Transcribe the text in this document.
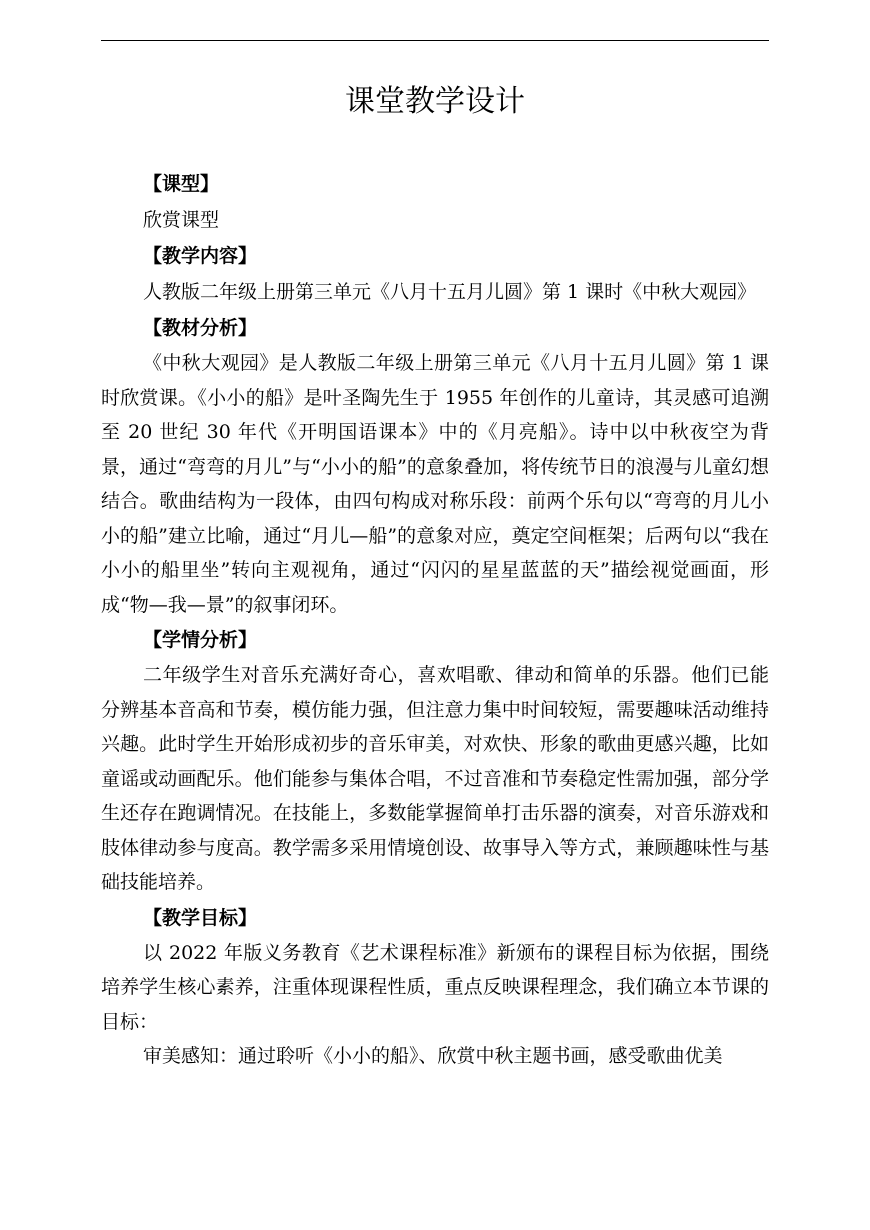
课堂教学设计
【课型】
欣赏课型
【教学内容】
人教版二年级上册第三单元《八月十五月儿圆》第 1 课时《中秋大观园》
【教材分析】
《中秋大观园》是人教版二年级上册第三单元《八月十五月儿圆》第 1 课时欣赏课。《小小的船》是叶圣陶先生于 1955 年创作的儿童诗，其灵感可追溯至 20 世纪 30 年代《开明国语课本》中的《月亮船》。诗中以中秋夜空为背景，通过“弯弯的月儿”与“小小的船”的意象叠加，将传统节日的浪漫与儿童幻想结合。歌曲结构为一段体，由四句构成对称乐段：前两个乐句以“弯弯的月儿小小的船”建立比喻，通过“月儿—船”的意象对应，奠定空间框架；后两句以“我在小小的船里坐”转向主观视角，通过“闪闪的星星蓝蓝的天”描绘视觉画面，形成“物—我—景”的叙事闭环。
【学情分析】
二年级学生对音乐充满好奇心，喜欢唱歌、律动和简单的乐器。他们已能分辨基本音高和节奏，模仿能力强，但注意力集中时间较短，需要趣味活动维持兴趣。此时学生开始形成初步的音乐审美，对欢快、形象的歌曲更感兴趣，比如童谣或动画配乐。他们能参与集体合唱，不过音准和节奏稳定性需加强，部分学生还存在跑调情况。在技能上，多数能掌握简单打击乐器的演奏，对音乐游戏和肢体律动参与度高。教学需多采用情境创设、故事导入等方式，兼顾趣味性与基础技能培养。
【教学目标】
以 2022 年版义务教育《艺术课程标准》新颁布的课程目标为依据，围绕培养学生核心素养，注重体现课程性质，重点反映课程理念，我们确立本节课的目标：
审美感知：通过聆听《小小的船》、欣赏中秋主题书画，感受歌曲优美
